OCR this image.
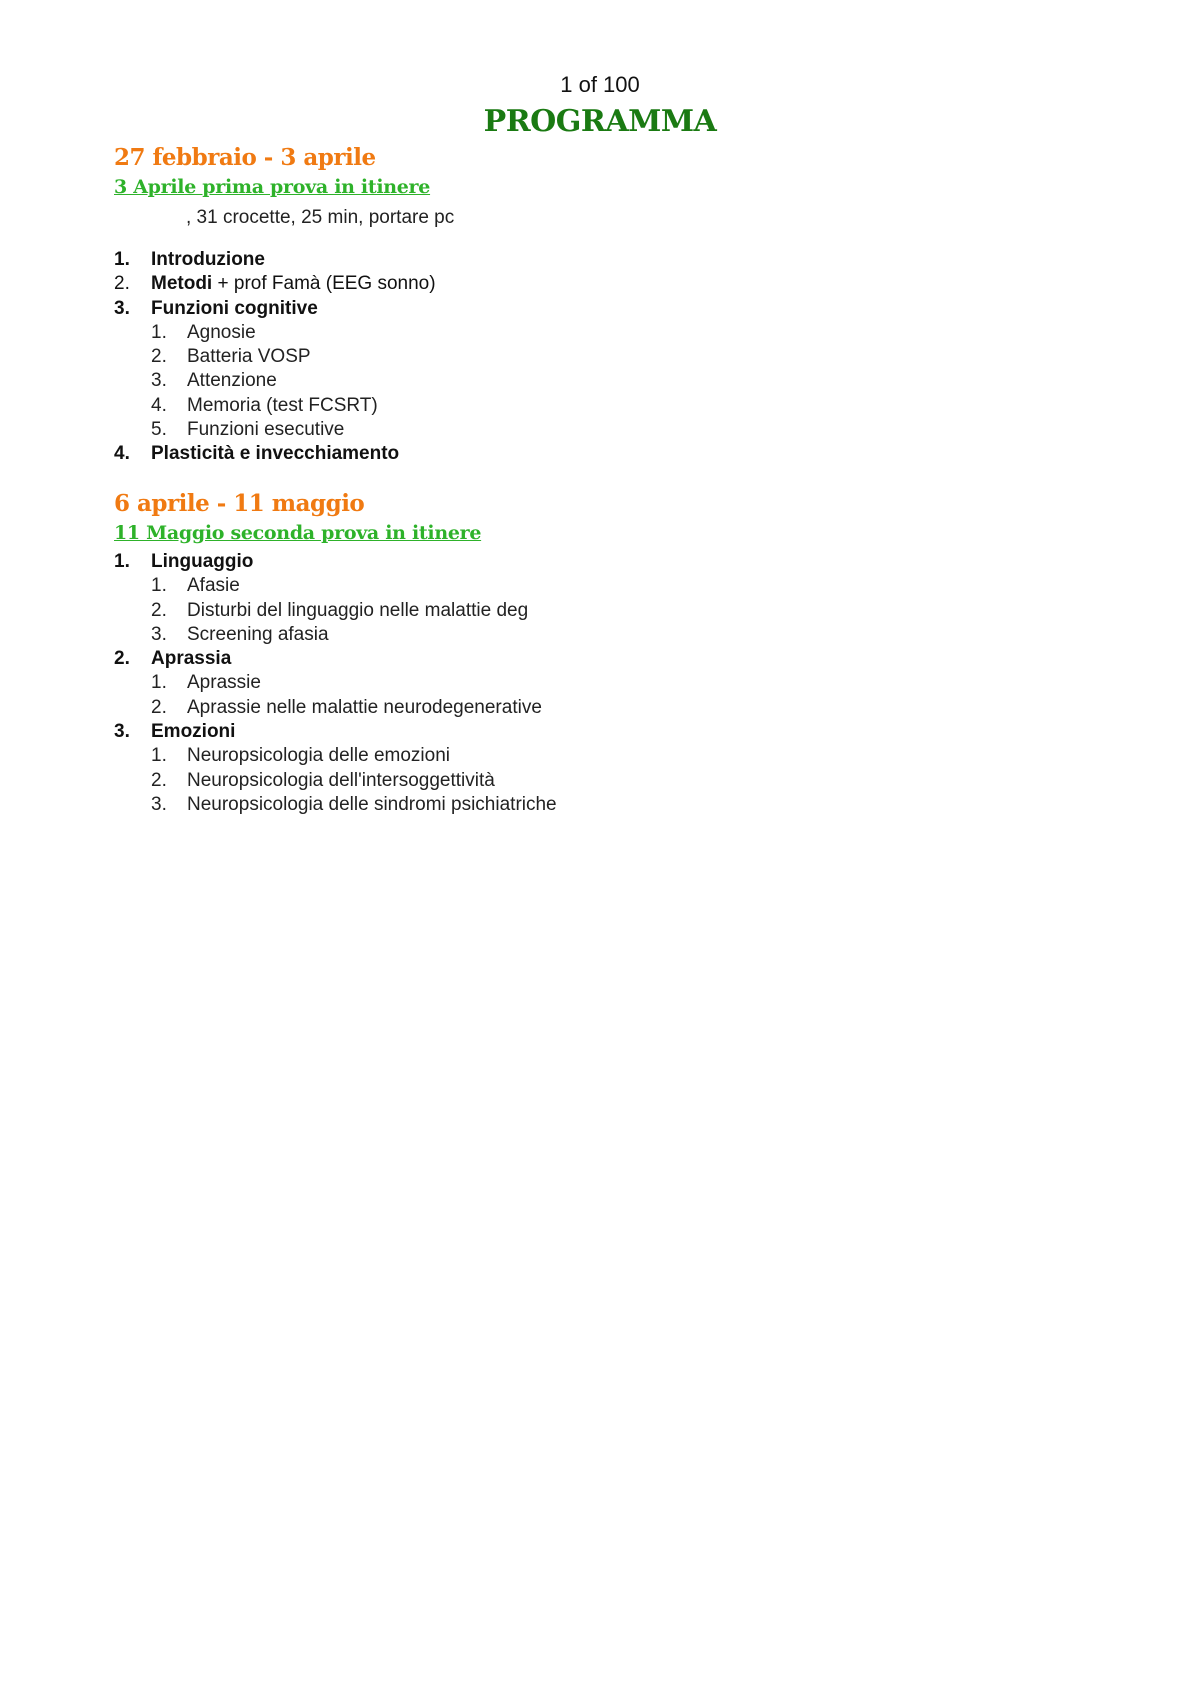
1 of 100
PROGRAMMA
27 febbraio - 3 aprile
3 Aprile prima prova in itinere
, 31 crocette, 25 min, portare pc
1.	Introduzione
2.	Metodi + prof Famà (EEG sonno)
3.	Funzioni cognitive
1.	Agnosie
2.	Batteria VOSP
3.	Attenzione
4.	Memoria (test FCSRT)
5.	Funzioni esecutive
4.	Plasticità e invecchiamento
6 aprile - 11 maggio
11 Maggio seconda prova in itinere
1.	Linguaggio
1.	Afasie
2.	Disturbi del linguaggio nelle malattie deg
3.	Screening afasia
2.	Aprassia
1.	Aprassie
2.	Aprassie nelle malattie neurodegenerative
3.	Emozioni
1.	Neuropsicologia delle emozioni
2.	Neuropsicologia dell'intersoggettività
3.	Neuropsicologia delle sindromi psichiatriche
